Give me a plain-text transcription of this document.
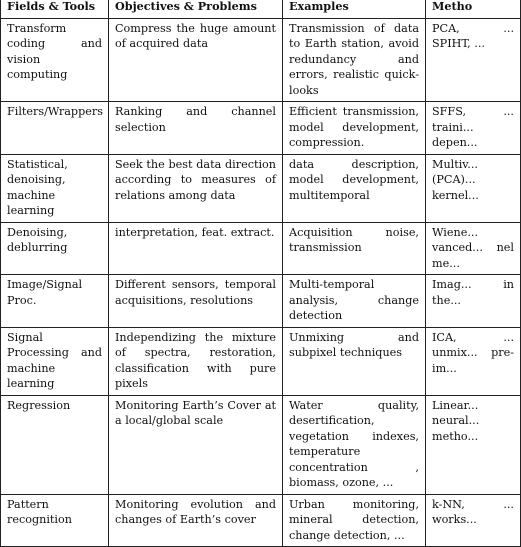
Fields & Tools	Objectives & Problems	Examples	Metho

Transform coding and vision computing	Compress the huge amount of acquired data	Transmission of data to Earth station, avoid redundancy and errors, realistic quick-looks	PCA, ... SPIHT, ...

Filters/Wrappers	Ranking and channel selection	Efficient transmission, model development, compression.	SFFS, ... traini... depen...

Statistical, denoising, machine learning	Seek the best data direction according to measures of relations among data	data description, model development, multitemporal	Multiv... (PCA)... kernel...

Denoising, deblurring	interpretation, feat. extract.	Acquisition noise, transmission	Wiene... vanced... nel me...

Image/Signal Proc.	Different sensors, temporal acquisitions, resolutions	Multi-temporal analysis, change detection	Imag... in the...

Signal Processing and machine learning	Independizing the mixture of spectra, restoration, classification with pure pixels	Unmixing and subpixel techniques	ICA, ... unmix... pre-im...

Regression	Monitoring Earth’s Cover at a local/global scale	Water quality, desertification, vegetation indexes, temperature concentration , biomass, ozone, ...	Linear... neural... metho...

Pattern recognition	Monitoring evolution and changes of Earth’s cover	Urban monitoring, mineral detection, change detection, ...	k-NN, ... works...
